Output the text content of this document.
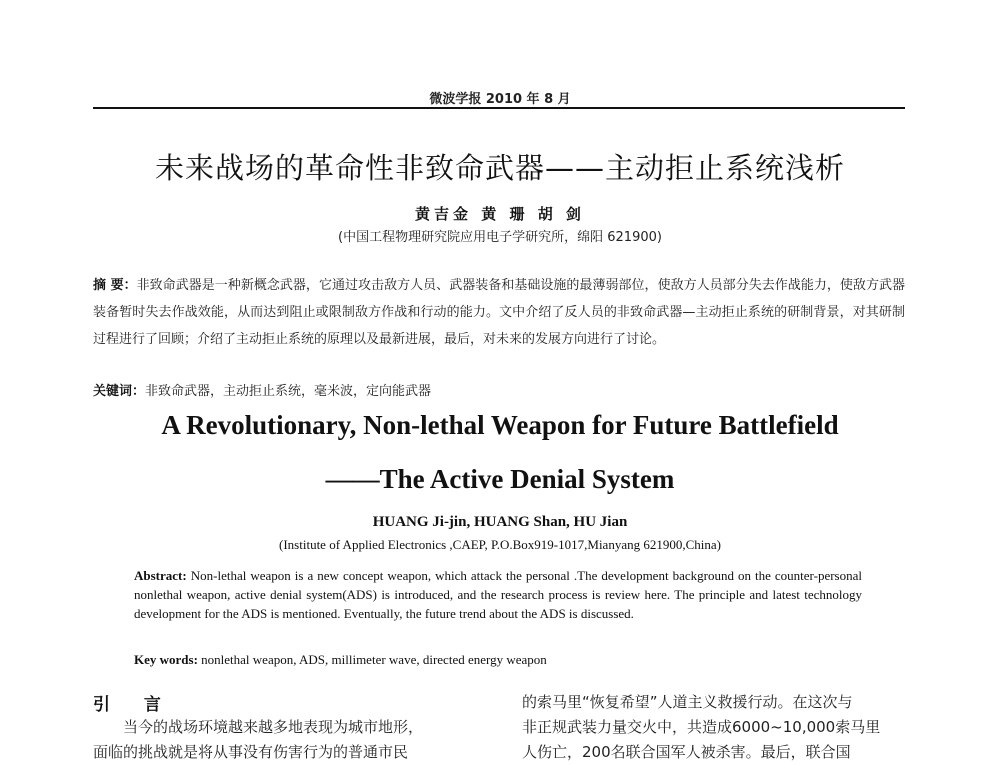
微波学报 2010 年 8 月
未来战场的革命性非致命武器——主动拒止系统浅析
黄吉金 黄 珊 胡 剑
(中国工程物理研究院应用电子学研究所，绵阳 621900)
摘 要：非致命武器是一种新概念武器，它通过攻击敌方人员、武器装备和基础设施的最薄弱部位，使敌方人员部分失去作战能力，使敌方武器装备暂时失去作战效能，从而达到阻止或限制敌方作战和行动的能力。文中介绍了反人员的非致命武器—主动拒止系统的研制背景，对其研制过程进行了回顾；介绍了主动拒止系统的原理以及最新进展，最后，对未来的发展方向进行了讨论。
关键词：非致命武器，主动拒止系统，毫米波，定向能武器
A Revolutionary, Non-lethal Weapon for Future Battlefield
——The Active Denial System
HUANG Ji-jin, HUANG Shan, HU Jian
(Institute of Applied Electronics ,CAEP, P.O.Box919-1017,Mianyang 621900,China)
Abstract: Non-lethal weapon is a new concept weapon, which attack the personal .The development background on the counter-personal nonlethal weapon, active denial system(ADS) is introduced, and the research process is review here. The principle and latest technology development for the ADS is mentioned. Eventually, the future trend about the ADS is discussed.
Key words: nonlethal weapon, ADS, millimeter wave, directed energy weapon
引 言
当今的战场环境越来越多地表现为城市地形，
面临的挑战就是将从事没有伤害行为的普通市民
的索马里“恢复希望”人道主义救援行动。在这次与
非正规武装力量交火中，共造成6000~10,000索马里
人伤亡，200名联合国军人被杀害。最后，联合国
